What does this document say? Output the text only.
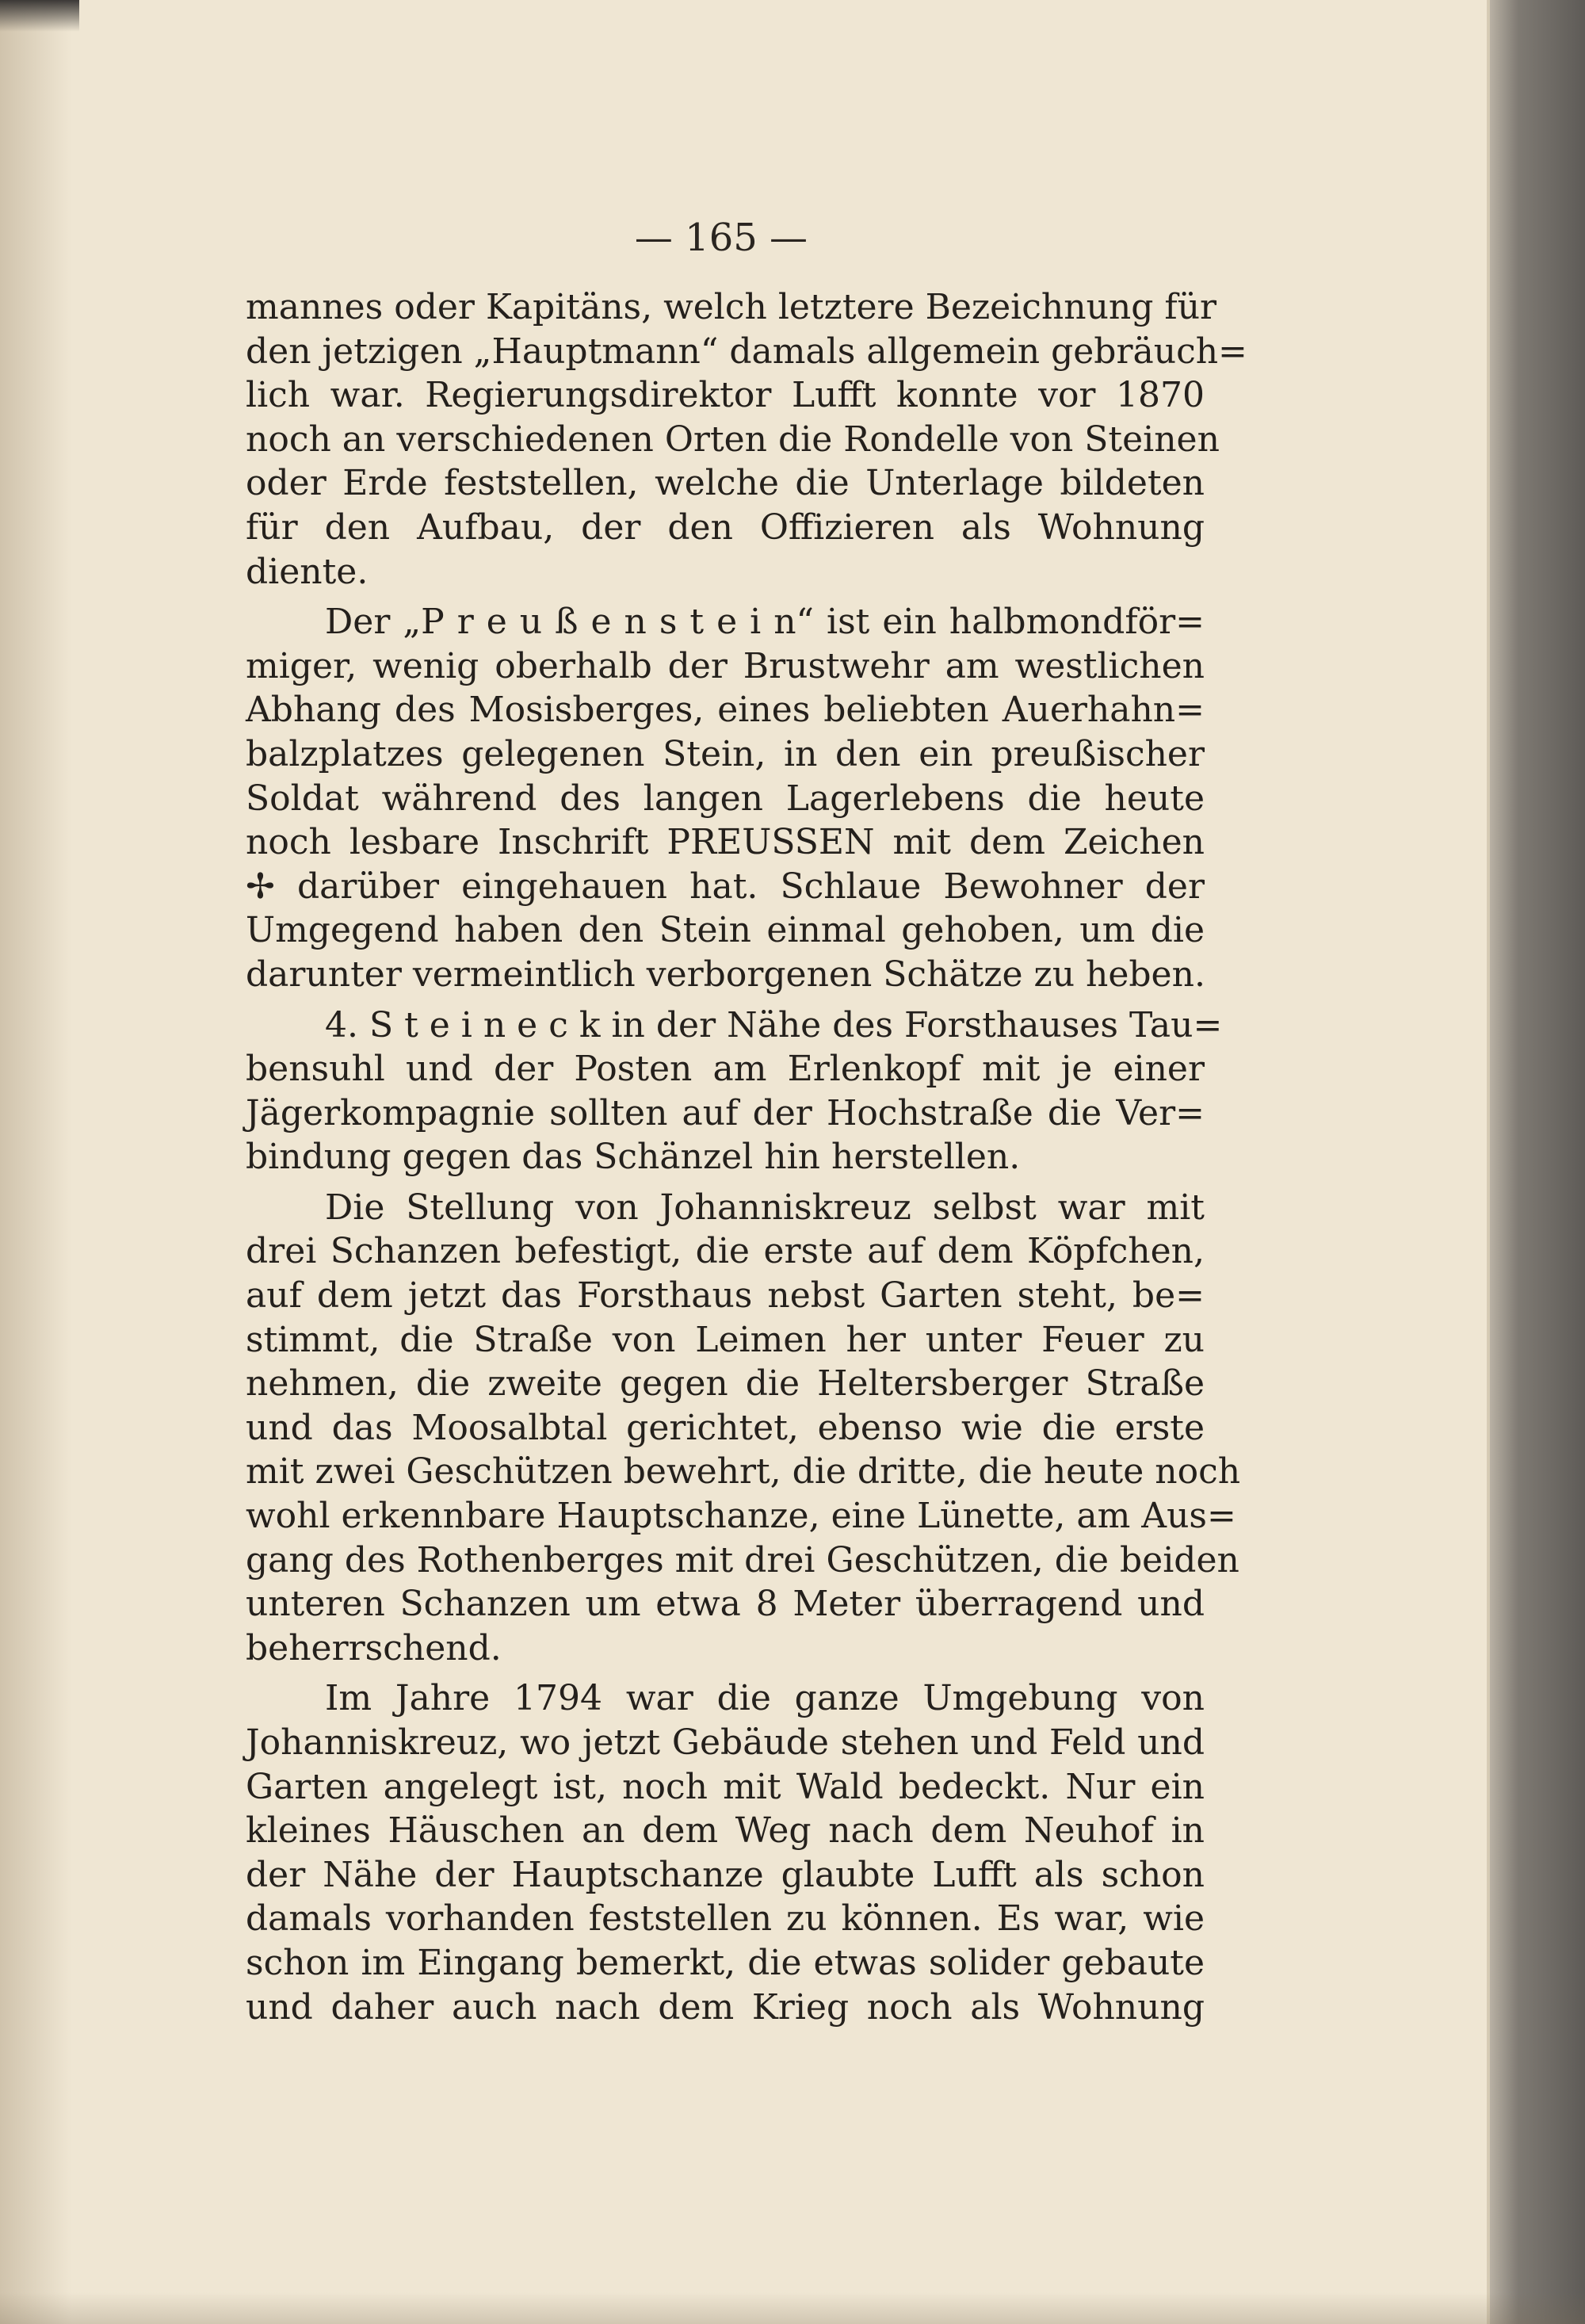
— 165 —
mannes oder Kapitäns, welch letztere Bezeichnung für
den jetzigen „Hauptmann“ damals allgemein gebräuch=
lich war. Regierungsdirektor Lufft konnte vor 1870
noch an verschiedenen Orten die Rondelle von Steinen
oder Erde feststellen, welche die Unterlage bildeten
für den Aufbau, der den Offizieren als Wohnung
diente.
Der „P r e u ß e n s t e i n“ ist ein halbmondför=
miger, wenig oberhalb der Brustwehr am westlichen
Abhang des Mosisberges, eines beliebten Auerhahn=
balzplatzes gelegenen Stein, in den ein preußischer
Soldat während des langen Lagerlebens die heute
noch lesbare Inschrift PREUSSEN mit dem Zeichen
✢ darüber eingehauen hat. Schlaue Bewohner der
Umgegend haben den Stein einmal gehoben, um die
darunter vermeintlich verborgenen Schätze zu heben.
4. S t e i n e c k in der Nähe des Forsthauses Tau=
bensuhl und der Posten am Erlenkopf mit je einer
Jägerkompagnie sollten auf der Hochstraße die Ver=
bindung gegen das Schänzel hin herstellen.
Die Stellung von Johanniskreuz selbst war mit
drei Schanzen befestigt, die erste auf dem Köpfchen,
auf dem jetzt das Forsthaus nebst Garten steht, be=
stimmt, die Straße von Leimen her unter Feuer zu
nehmen, die zweite gegen die Heltersberger Straße
und das Moosalbtal gerichtet, ebenso wie die erste
mit zwei Geschützen bewehrt, die dritte, die heute noch
wohl erkennbare Hauptschanze, eine Lünette, am Aus=
gang des Rothenberges mit drei Geschützen, die beiden
unteren Schanzen um etwa 8 Meter überragend und
beherrschend.
Im Jahre 1794 war die ganze Umgebung von
Johanniskreuz, wo jetzt Gebäude stehen und Feld und
Garten angelegt ist, noch mit Wald bedeckt. Nur ein
kleines Häuschen an dem Weg nach dem Neuhof in
der Nähe der Hauptschanze glaubte Lufft als schon
damals vorhanden feststellen zu können. Es war, wie
schon im Eingang bemerkt, die etwas solider gebaute
und daher auch nach dem Krieg noch als Wohnung
